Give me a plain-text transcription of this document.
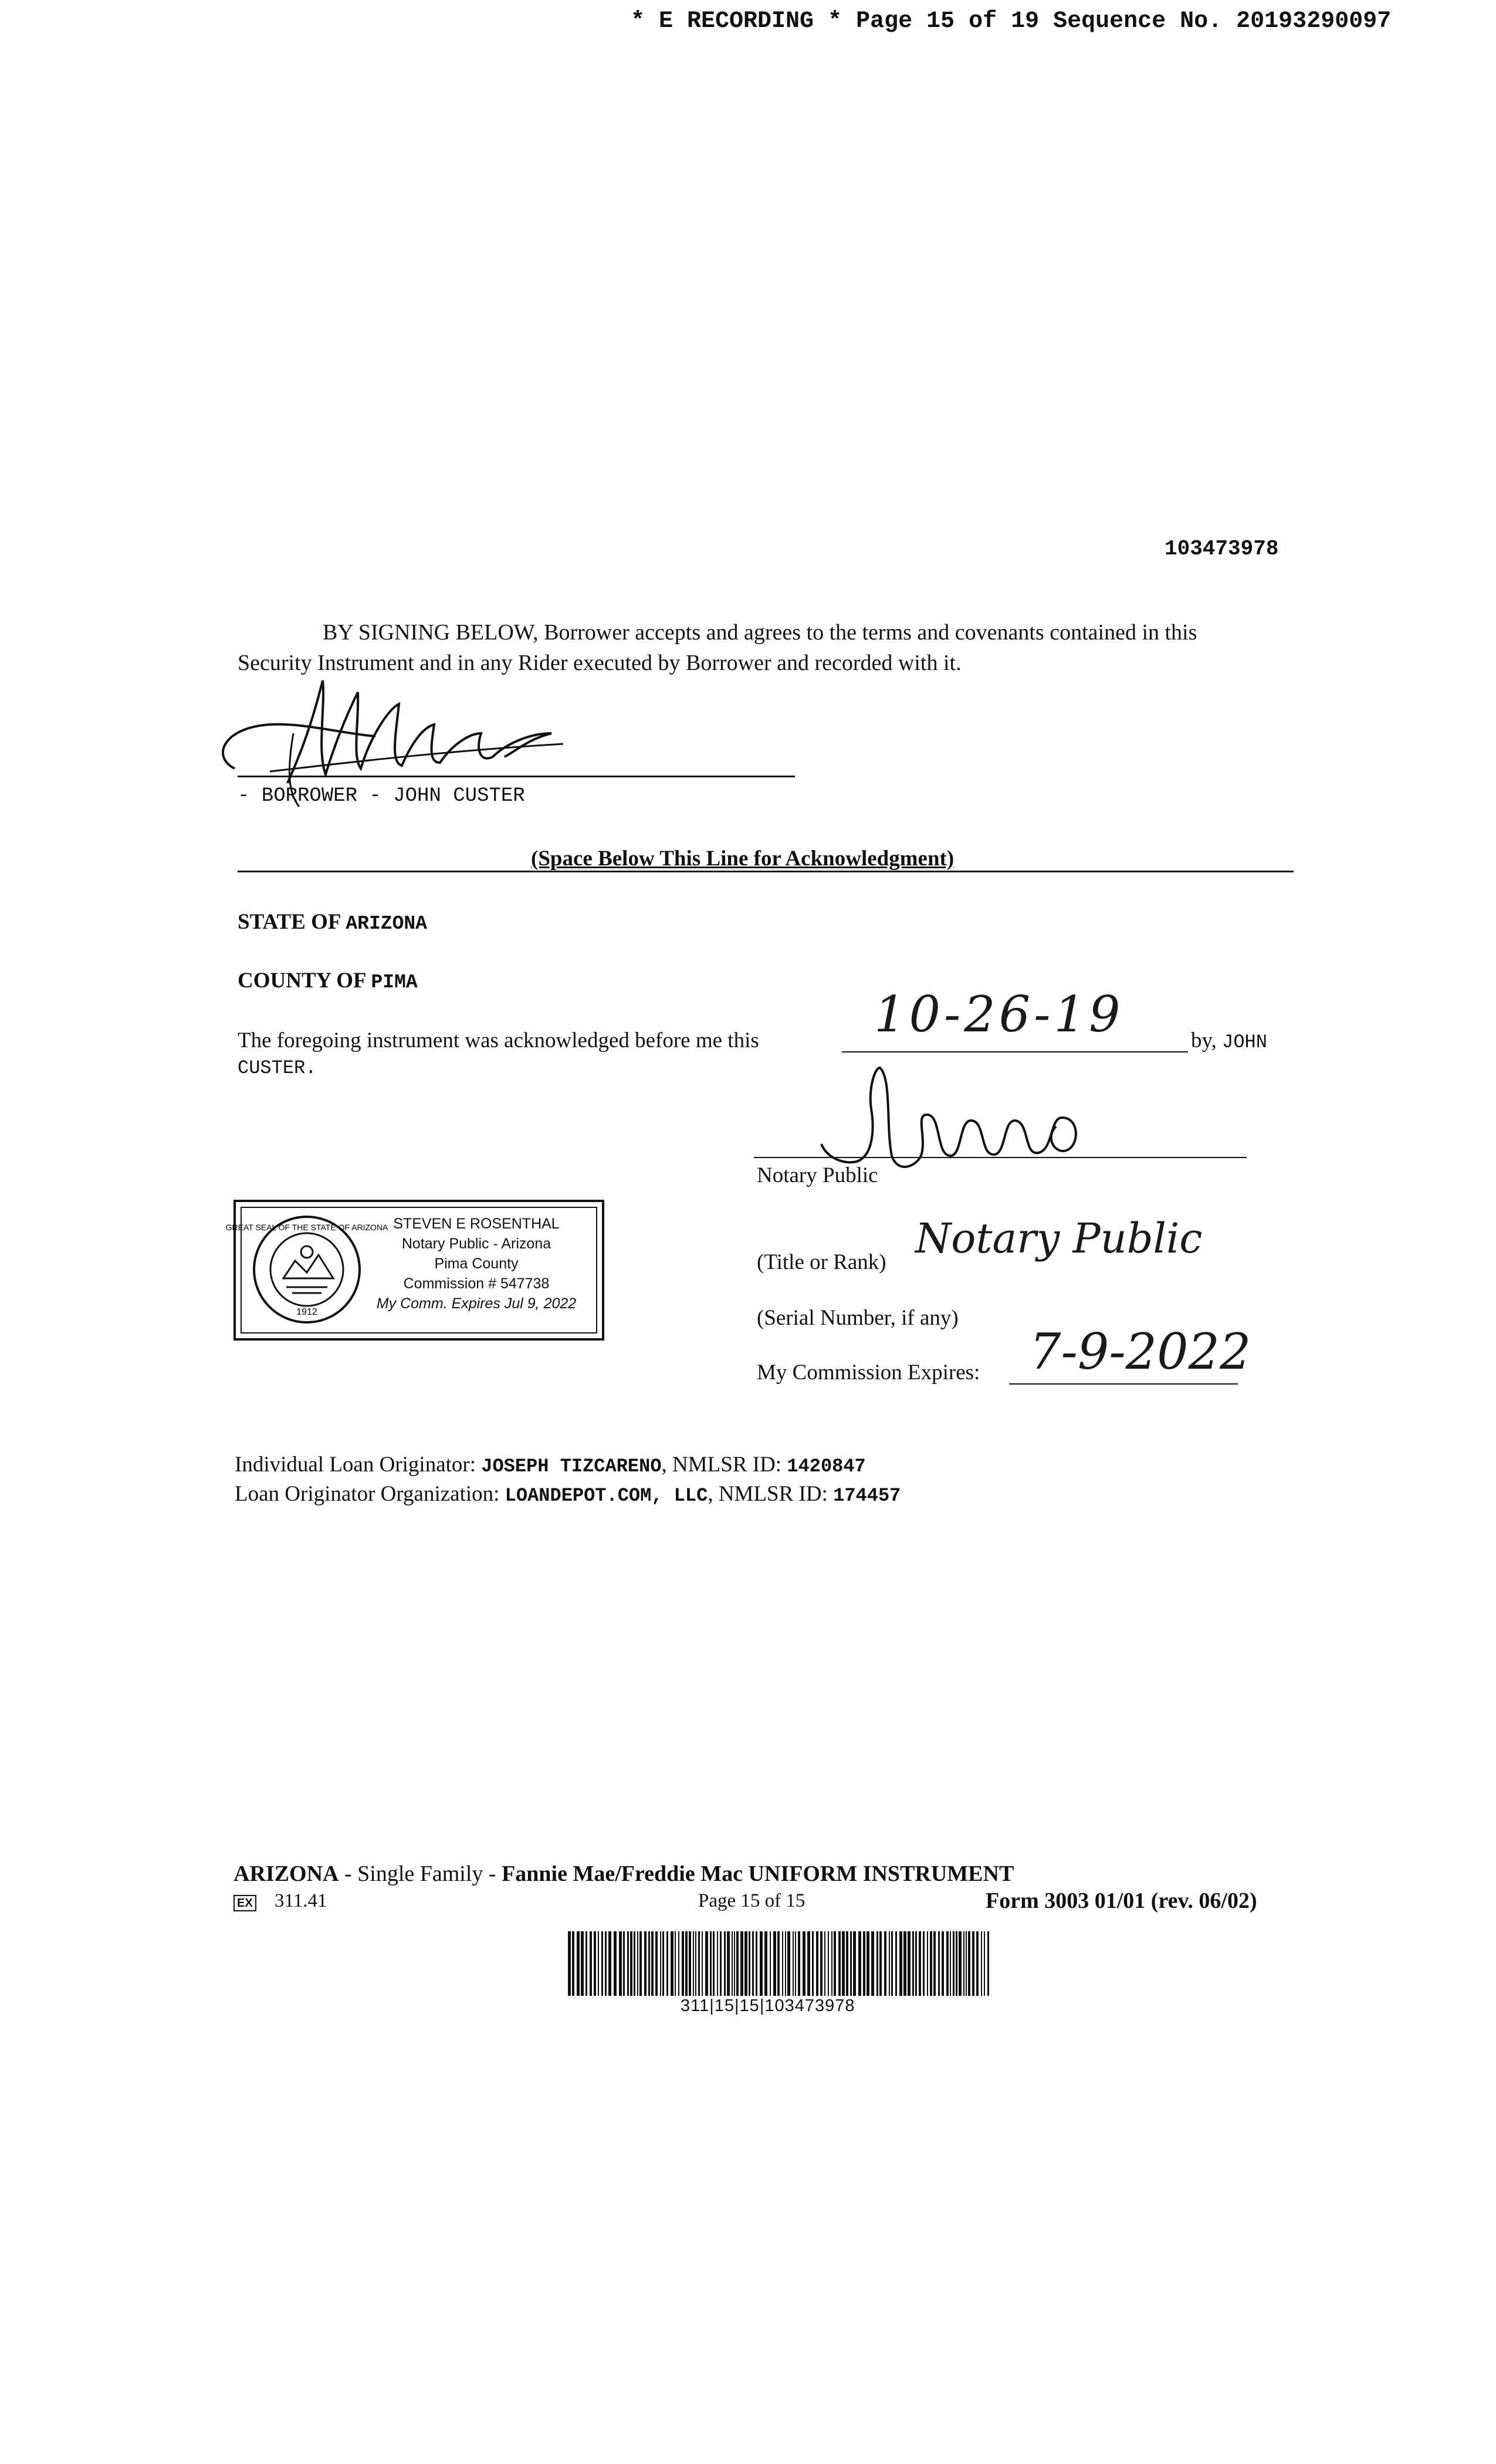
* E RECORDING * Page 15 of 19 Sequence No. 20193290097
103473978
BY SIGNING BELOW, Borrower accepts and agrees to the terms and covenants contained in this
Security Instrument and in any Rider executed by Borrower and recorded with it.
- BORROWER - JOHN CUSTER
(Space Below This Line for Acknowledgment)
STATE OF ARIZONA
COUNTY OF PIMA
The foregoing instrument was acknowledged before me this 10-26-19	by, JOHN
CUSTER.
Notary Public
GREAT SEAL OF THE STATE OF ARIZONA
1912
STEVEN E ROSENTHAL
Notary Public - Arizona
Pima County
Commission # 547738
My Comm. Expires Jul 9, 2022
(Title or Rank) Notary Public
(Serial Number, if any)
My Commission Expires: 7-9-2022
Individual Loan Originator: JOSEPH TIZCARENO, NMLSR ID: 1420847
Loan Originator Organization: LOANDEPOT.COM, LLC, NMLSR ID: 174457
ARIZONA - Single Family - Fannie Mae/Freddie Mac UNIFORM INSTRUMENT
EX 311.41	Page 15 of 15	Form 3003 01/01 (rev. 06/02)
311|15|15|103473978
